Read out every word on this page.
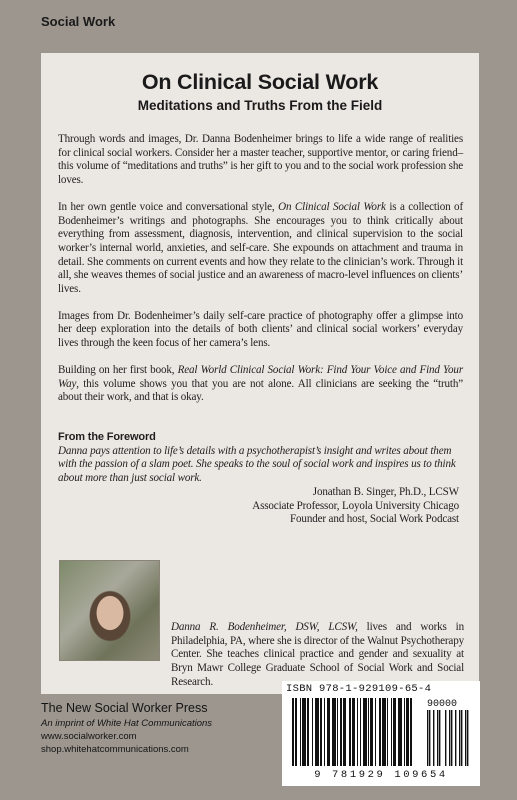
Social Work
On Clinical Social Work
Meditations and Truths From the Field

Through words and images, Dr. Danna Bodenheimer brings to life a wide range of realities for clinical social workers. Consider her a master teacher, supportive mentor, or caring friend–this volume of “meditations and truths” is her gift to you and to the social work profession she loves.

In her own gentle voice and conversational style, On Clinical Social Work is a collection of Bodenheimer’s writings and photographs. She encourages you to think critically about everything from assessment, diagnosis, intervention, and clinical supervision to the social worker’s internal world, anxieties, and self-care. She expounds on attachment and trauma in detail. She comments on current events and how they relate to the clinician’s work. Through it all, she weaves themes of social justice and an awareness of macro-level influences on clients’ lives.

Images from Dr. Bodenheimer’s daily self-care practice of photography offer a glimpse into her deep exploration into the details of both clients’ and clinical social workers’ everyday lives through the keen focus of her camera’s lens.

Building on her first book, Real World Clinical Social Work: Find Your Voice and Find Your Way, this volume shows you that you are not alone. All clinicians are seeking the “truth” about their work, and that is okay.

From the Foreword
Danna pays attention to life’s details with a psychotherapist’s insight and writes about them with the passion of a slam poet. She speaks to the soul of social work and inspires us to think about more than just social work.
Jonathan B. Singer, Ph.D., LCSW
Associate Professor, Loyola University Chicago
Founder and host, Social Work Podcast
Danna R. Bodenheimer, DSW, LCSW, lives and works in Philadelphia, PA, where she is director of the Walnut Psychotherapy Center. She teaches clinical practice and gender and sexuality at Bryn Mawr College Graduate School of Social Work and Social Research.
The New Social Worker Press
An imprint of White Hat Communications
www.socialworker.com
shop.whitehatcommunications.com
ISBN 978-1-929109-65-4
90000
9 781929 109654
